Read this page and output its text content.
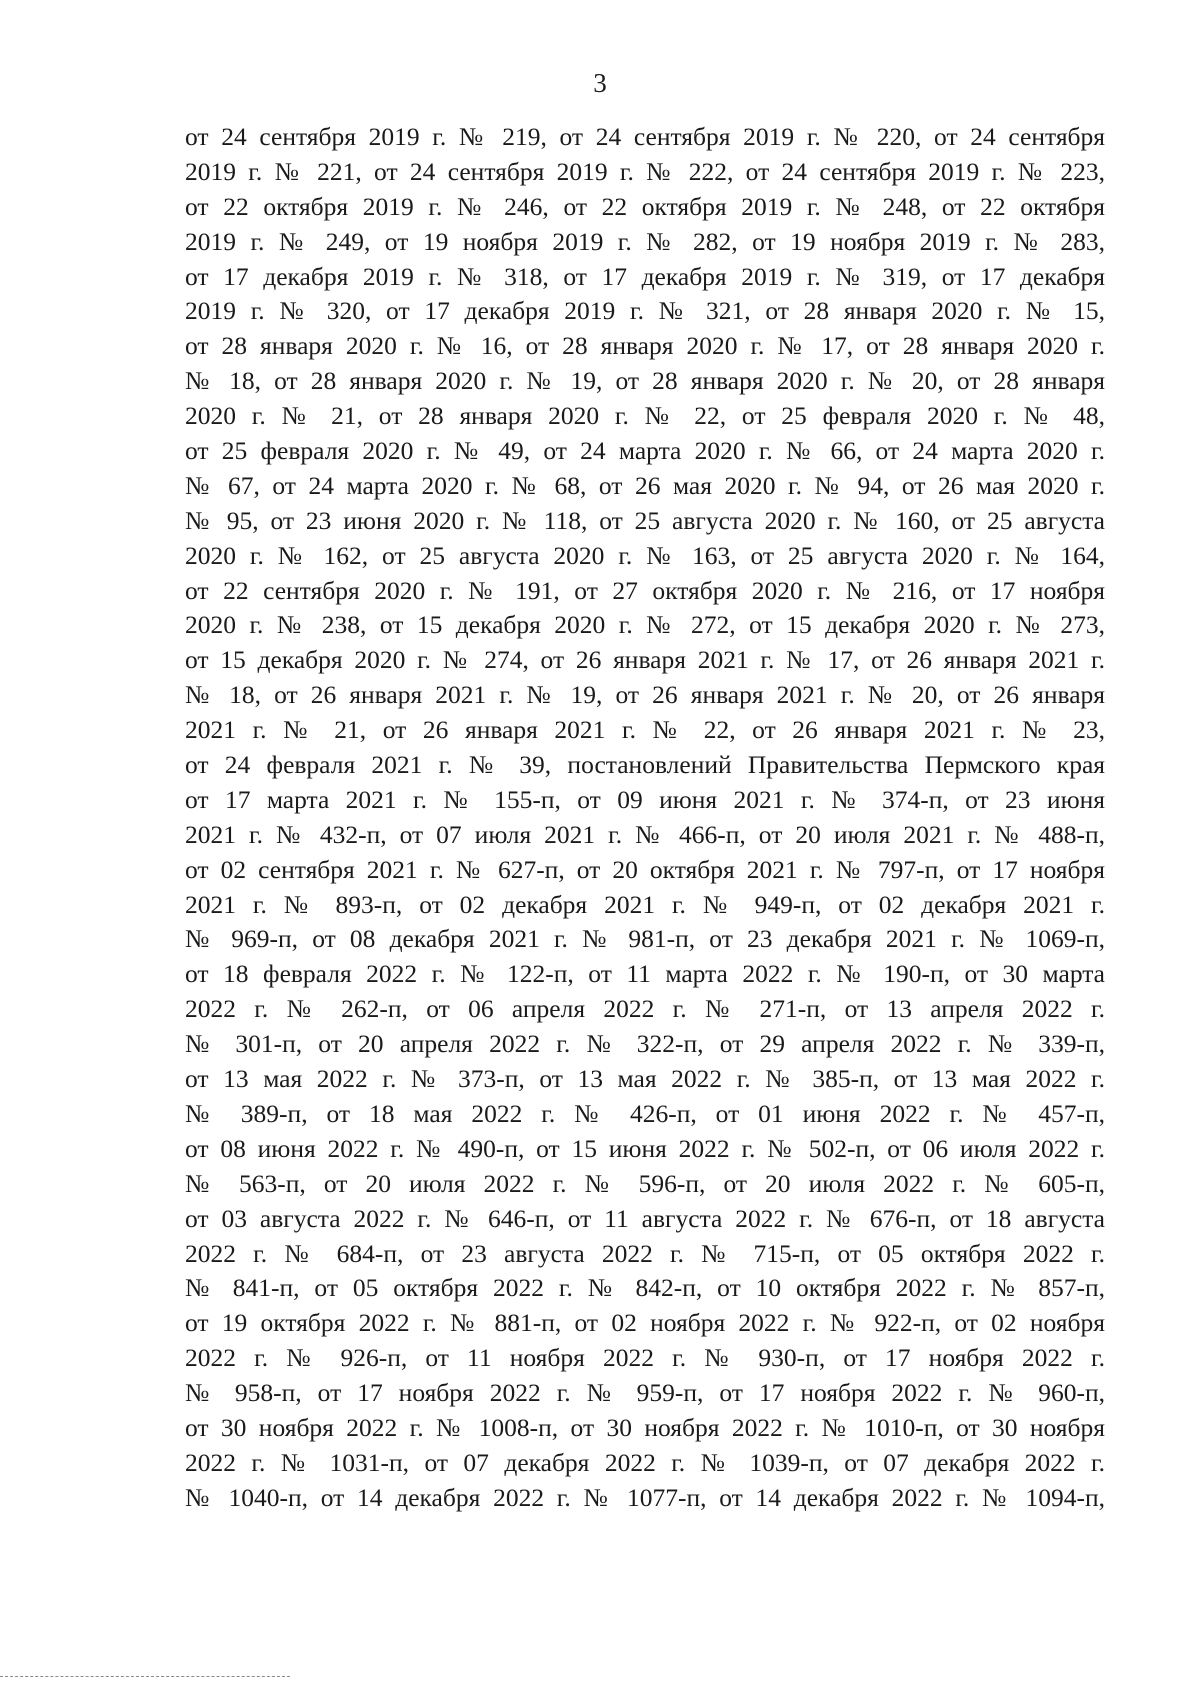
3
от 24 сентября 2019 г. № 219, от 24 сентября 2019 г. № 220, от 24 сентября
2019 г. № 221, от 24 сентября 2019 г. № 222, от 24 сентября 2019 г. № 223,
от 22 октября 2019 г. № 246, от 22 октября 2019 г. № 248, от 22 октября
2019 г. № 249, от 19 ноября 2019 г. № 282, от 19 ноября 2019 г. № 283,
от 17 декабря 2019 г. № 318, от 17 декабря 2019 г. № 319, от 17 декабря
2019 г. № 320, от 17 декабря 2019 г. № 321, от 28 января 2020 г. № 15,
от 28 января 2020 г. № 16, от 28 января 2020 г. № 17, от 28 января 2020 г.
№ 18, от 28 января 2020 г. № 19, от 28 января 2020 г. № 20, от 28 января
2020 г. № 21, от 28 января 2020 г. № 22, от 25 февраля 2020 г. № 48,
от 25 февраля 2020 г. № 49, от 24 марта 2020 г. № 66, от 24 марта 2020 г.
№ 67, от 24 марта 2020 г. № 68, от 26 мая 2020 г. № 94, от 26 мая 2020 г.
№ 95, от 23 июня 2020 г. № 118, от 25 августа 2020 г. № 160, от 25 августа
2020 г. № 162, от 25 августа 2020 г. № 163, от 25 августа 2020 г. № 164,
от 22 сентября 2020 г. № 191, от 27 октября 2020 г. № 216, от 17 ноября
2020 г. № 238, от 15 декабря 2020 г. № 272, от 15 декабря 2020 г. № 273,
от 15 декабря 2020 г. № 274, от 26 января 2021 г. № 17, от 26 января 2021 г.
№ 18, от 26 января 2021 г. № 19, от 26 января 2021 г. № 20, от 26 января
2021 г. № 21, от 26 января 2021 г. № 22, от 26 января 2021 г. № 23,
от 24 февраля 2021 г. № 39, постановлений Правительства Пермского края
от 17 марта 2021 г. № 155-п, от 09 июня 2021 г. № 374-п, от 23 июня
2021 г. № 432-п, от 07 июля 2021 г. № 466-п, от 20 июля 2021 г. № 488-п,
от 02 сентября 2021 г. № 627-п, от 20 октября 2021 г. № 797-п, от 17 ноября
2021 г. № 893-п, от 02 декабря 2021 г. № 949-п, от 02 декабря 2021 г.
№ 969-п, от 08 декабря 2021 г. № 981-п, от 23 декабря 2021 г. № 1069-п,
от 18 февраля 2022 г. № 122-п, от 11 марта 2022 г. № 190-п, от 30 марта
2022 г. № 262-п, от 06 апреля 2022 г. № 271-п, от 13 апреля 2022 г.
№ 301-п, от 20 апреля 2022 г. № 322-п, от 29 апреля 2022 г. № 339-п,
от 13 мая 2022 г. № 373-п, от 13 мая 2022 г. № 385-п, от 13 мая 2022 г.
№ 389-п, от 18 мая 2022 г. № 426-п, от 01 июня 2022 г. № 457-п,
от 08 июня 2022 г. № 490-п, от 15 июня 2022 г. № 502-п, от 06 июля 2022 г.
№ 563-п, от 20 июля 2022 г. № 596-п, от 20 июля 2022 г. № 605-п,
от 03 августа 2022 г. № 646-п, от 11 августа 2022 г. № 676-п, от 18 августа
2022 г. № 684-п, от 23 августа 2022 г. № 715-п, от 05 октября 2022 г.
№ 841-п, от 05 октября 2022 г. № 842-п, от 10 октября 2022 г. № 857-п,
от 19 октября 2022 г. № 881-п, от 02 ноября 2022 г. № 922-п, от 02 ноября
2022 г. № 926-п, от 11 ноября 2022 г. № 930-п, от 17 ноября 2022 г.
№ 958-п, от 17 ноября 2022 г. № 959-п, от 17 ноября 2022 г. № 960-п,
от 30 ноября 2022 г. № 1008-п, от 30 ноября 2022 г. № 1010-п, от 30 ноября
2022 г. № 1031-п, от 07 декабря 2022 г. № 1039-п, от 07 декабря 2022 г.
№ 1040-п, от 14 декабря 2022 г. № 1077-п, от 14 декабря 2022 г. № 1094-п,
